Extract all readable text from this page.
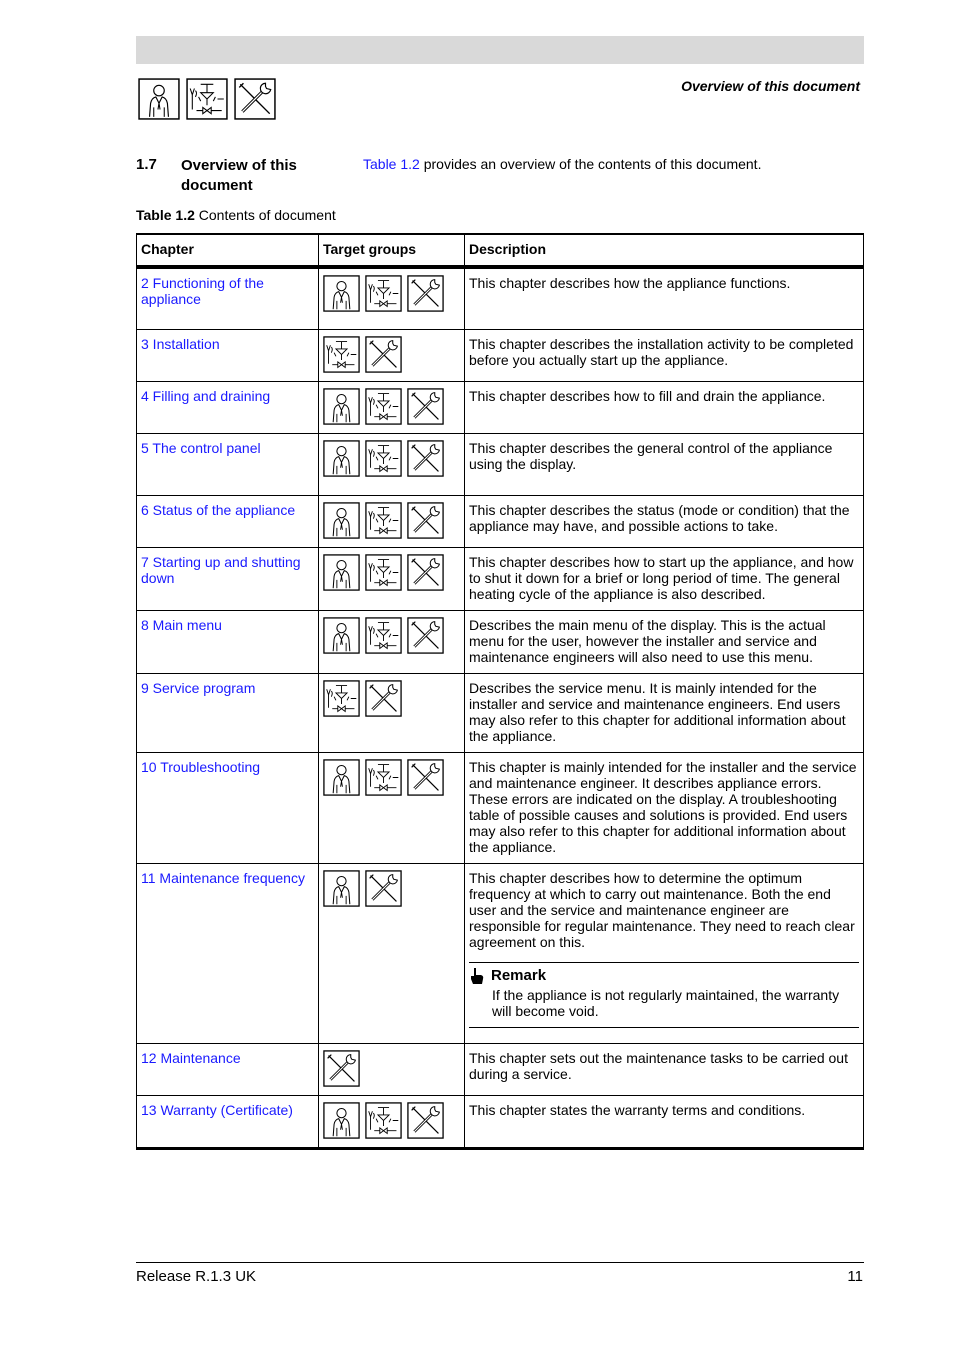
Overview of this document
1.7 Overview of this document
Table 1.2 provides an overview of the contents of this document.
Table 1.2 Contents of document
Chapter	Target groups	Description
2 Functioning of the appliance		This chapter describes how the appliance functions.

3 Installation		This chapter describes the installation activity to be completed before you actually start up the appliance.

4 Filling and draining		This chapter describes how to fill and drain the appliance.

5 The control panel		This chapter describes the general control of the appliance using the display.

6 Status of the appliance		This chapter describes the status (mode or condition) that the appliance may have, and possible actions to take.

7 Starting up and shutting down		This chapter describes how to start up the appliance, and how to shut it down for a brief or long period of time. The general heating cycle of the appliance is also described.

8 Main menu		Describes the main menu of the display. This is the actual menu for the user, however the installer and service and maintenance engineers will also need to use this menu.

9 Service program		Describes the service menu. It is mainly intended for the installer and service and maintenance engineers. End users may also refer to this chapter for additional information about the appliance.

10 Troubleshooting		This chapter is mainly intended for the installer and the service and maintenance engineer. It describes appliance errors. These errors are indicated on the display. A troubleshooting table of possible causes and solutions is provided. End users may also refer to this chapter for additional information about the appliance.

11 Maintenance frequency		This chapter describes how to determine the optimum frequency at which to carry out maintenance. Both the end user and the service and maintenance engineer are responsible for regular maintenance. They need to reach clear agreement on this.
Remark
If the appliance is not regularly maintained, the warranty will become void.

12 Maintenance		This chapter sets out the maintenance tasks to be carried out during a service.

13 Warranty (Certificate)		This chapter states the warranty terms and conditions.
Release R.1.3 UK	11
